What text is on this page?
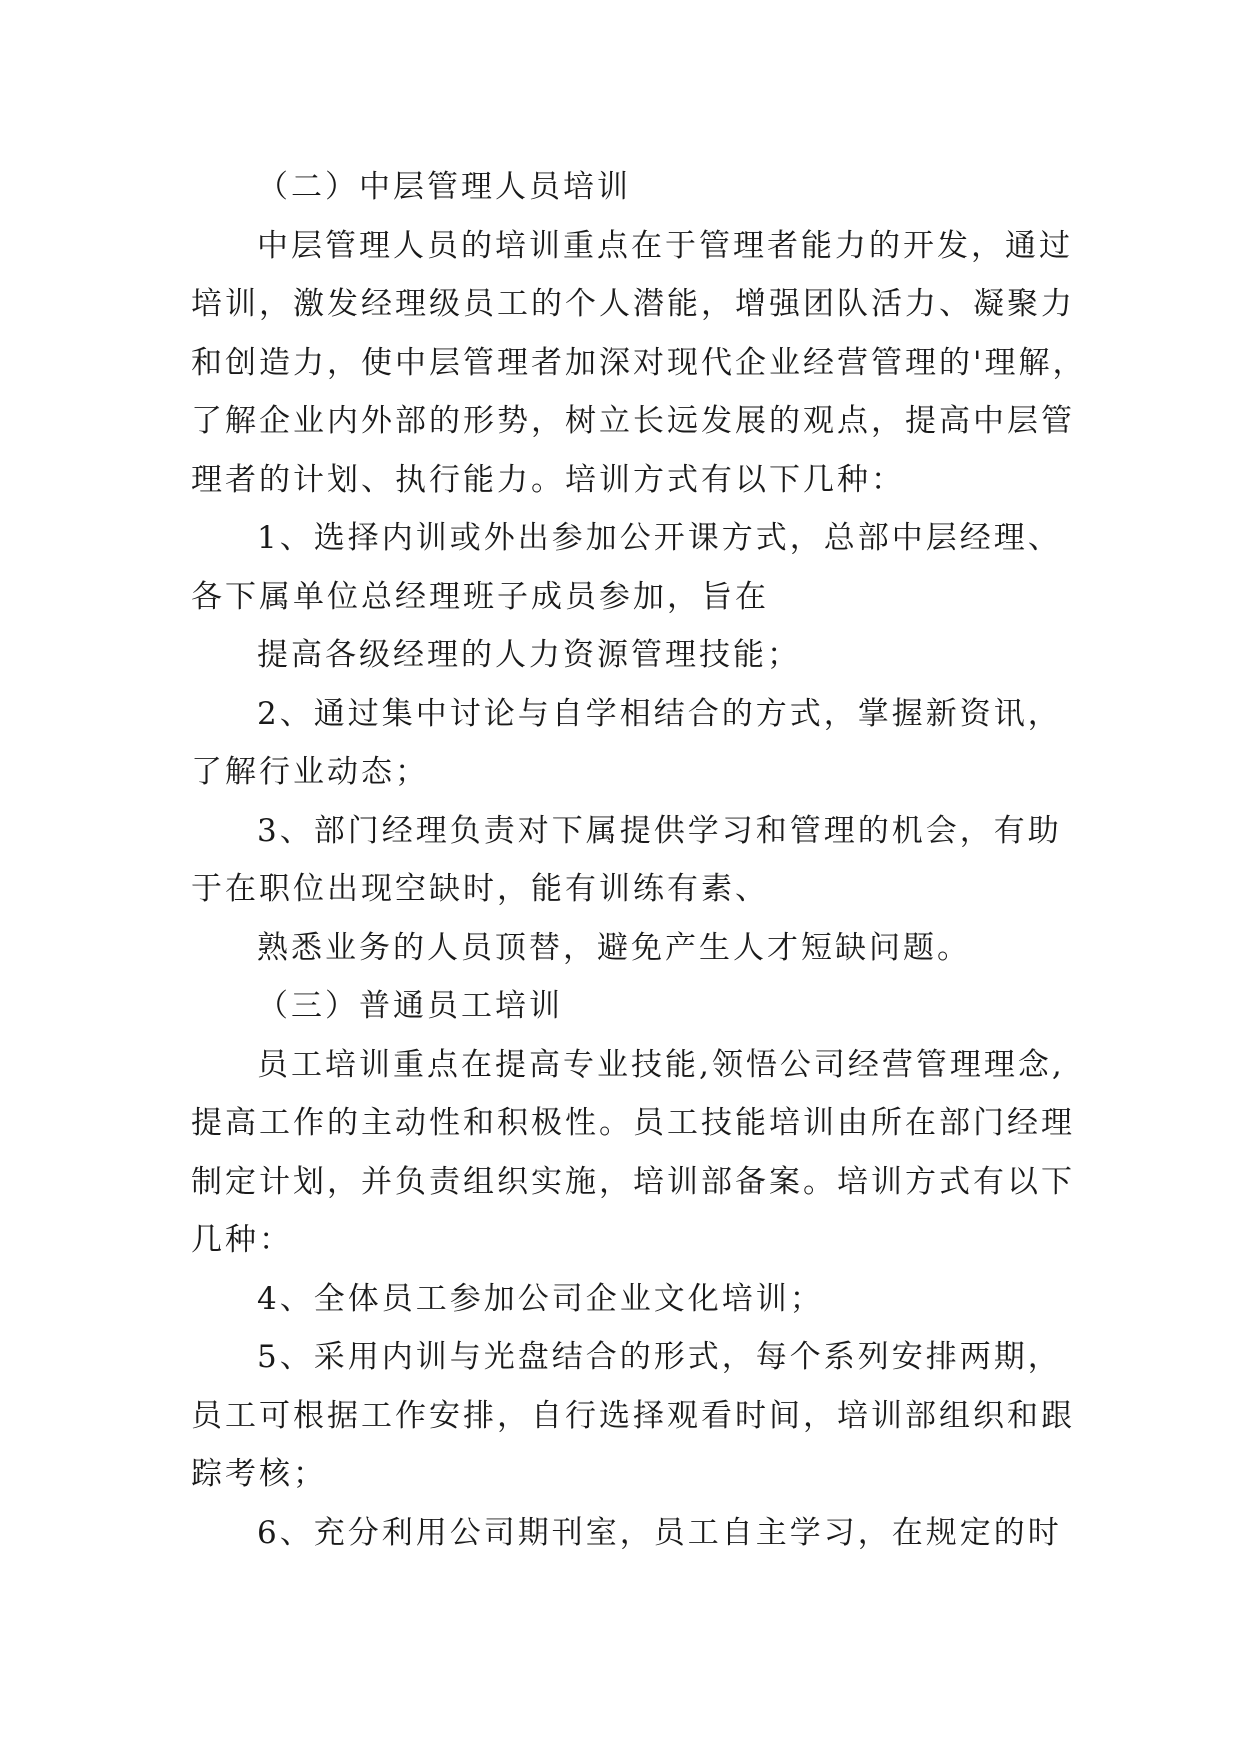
（二）中层管理人员培训
中层管理人员的培训重点在于管理者能力的开发，通过
培训，激发经理级员工的个人潜能，增强团队活力、凝聚力
和创造力，使中层管理者加深对现代企业经营管理的'理解，
了解企业内外部的形势，树立长远发展的观点，提高中层管
理者的计划、执行能力。培训方式有以下几种：
1、选择内训或外出参加公开课方式，总部中层经理、
各下属单位总经理班子成员参加，旨在
提高各级经理的人力资源管理技能；
2、通过集中讨论与自学相结合的方式，掌握新资讯，
了解行业动态；
3、部门经理负责对下属提供学习和管理的机会，有助
于在职位出现空缺时，能有训练有素、
熟悉业务的人员顶替，避免产生人才短缺问题。
（三）普通员工培训
员工培训重点在提高专业技能,领悟公司经营管理理念,
提高工作的主动性和积极性。员工技能培训由所在部门经理
制定计划，并负责组织实施，培训部备案。培训方式有以下
几种：
4、全体员工参加公司企业文化培训；
5、采用内训与光盘结合的形式，每个系列安排两期，
员工可根据工作安排，自行选择观看时间，培训部组织和跟
踪考核；
6、充分利用公司期刊室，员工自主学习，在规定的时
